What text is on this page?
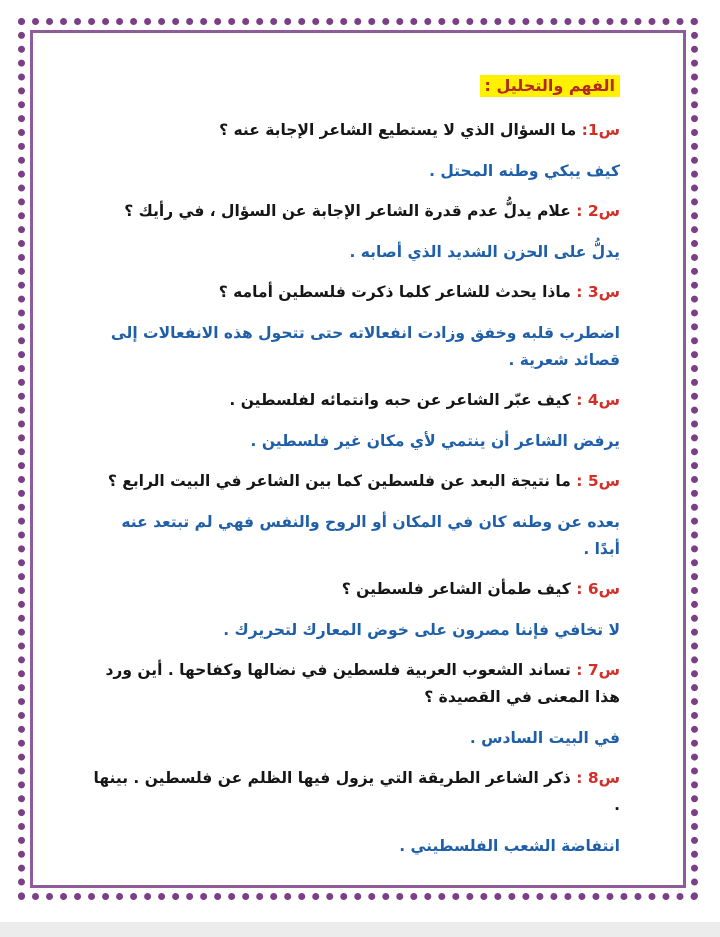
الفهم والتحليل :
س1: ما السؤال الذي لا يستطيع الشاعر الإجابة عنه ؟
كيف يبكي وطنه المحتل .
س2 : علام يدلُّ عدم قدرة الشاعر الإجابة عن السؤال ، في رأيك ؟
يدلُّ على الحزن الشديد الذي أصابه .
س3 : ماذا يحدث للشاعر كلما ذكرت فلسطين أمامه ؟
اضطرب قلبه وخفق وزادت انفعالاته حتى تتحول هذه الانفعالات إلى قصائد شعرية .
س4 : كيف عبّر الشاعر عن حبه وانتمائه لفلسطين .
يرفض الشاعر أن ينتمي لأي مكان غير فلسطين .
س5 : ما نتيجة البعد عن فلسطين كما بين الشاعر في البيت الرابع ؟
بعده عن وطنه كان في المكان أو الروح والنفس فهي لم تبتعد عنه أبدًا .
س6 : كيف طمأن الشاعر فلسطين ؟
لا تخافي فإننا مصرون على خوض المعارك لتحريرك .
س7 : تساند الشعوب العربية فلسطين في نضالها وكفاحها . أين ورد هذا المعنى في القصيدة ؟
في البيت السادس .
س8 : ذكر الشاعر الطريقة التي يزول فيها الظلم عن فلسطين . بينها .
انتفاضة الشعب الفلسطيني .
